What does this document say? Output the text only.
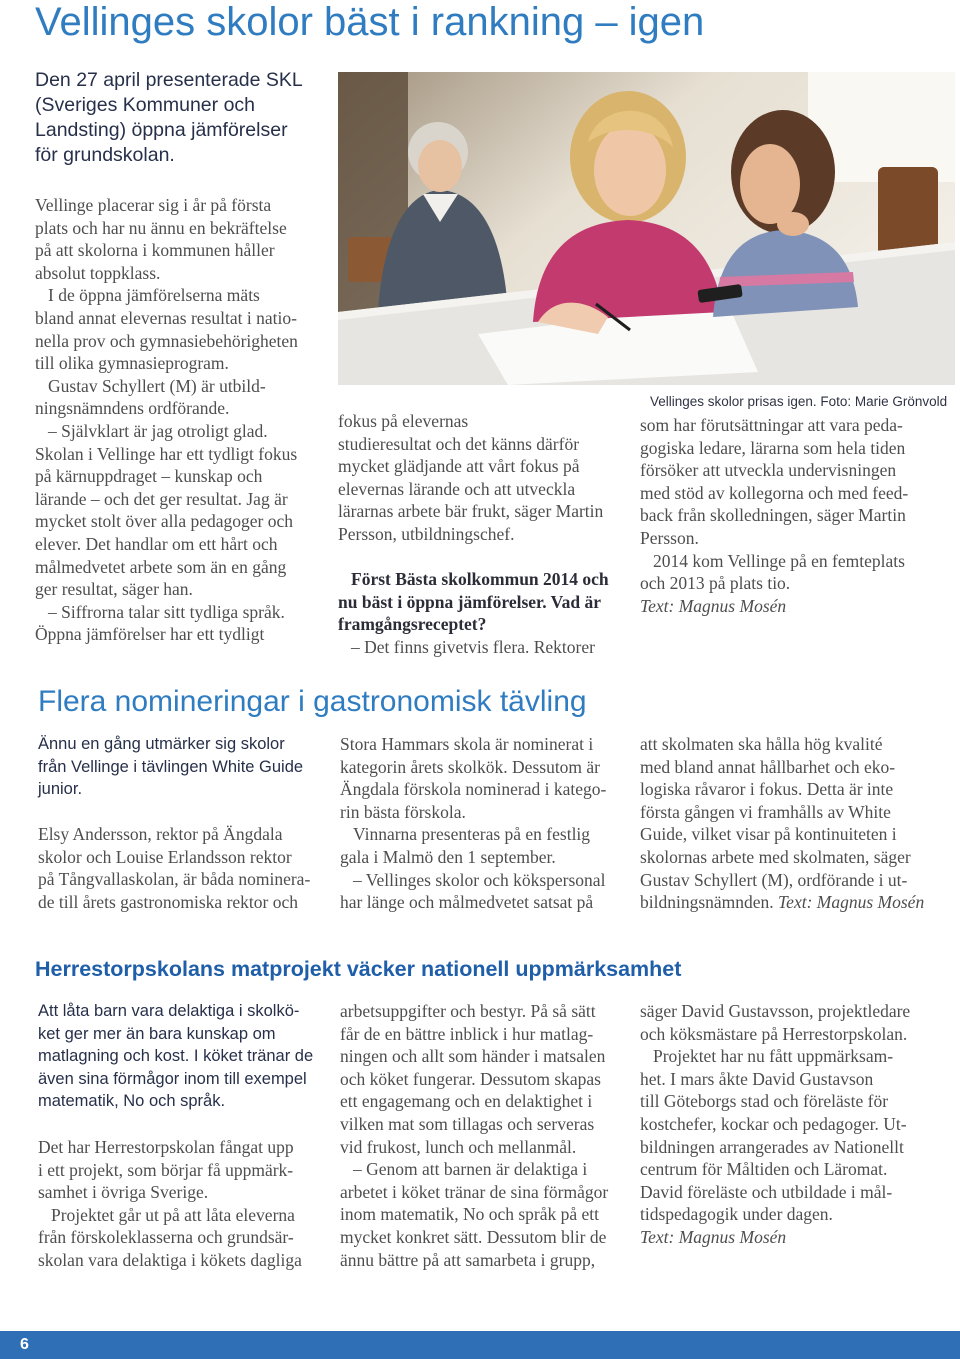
Vellinges skolor bäst i rankning – igen

Den 27 april presenterade SKL
(Sveriges Kommuner och
Landsting) öppna jämförelser
för grundskolan.

Vellinge placerar sig i år på första
plats och har nu ännu en bekräftelse
på att skolorna i kommunen håller
absolut toppklass.

I de öppna jämförelserna mäts
bland annat elevernas resultat i natio-
nella prov och gymnasiebehörigheten
till olika gymnasieprogram.

Gustav Schyllert (M) är utbild-
ningsnämndens ordförande.

– Självklart är jag otroligt glad.
Skolan i Vellinge har ett tydligt fokus
på kärnuppdraget – kunskap och
lärande – och det ger resultat. Jag är
mycket stolt över alla pedagoger och
elever. Det handlar om ett hårt och
målmedvetet arbete som än en gång
ger resultat, säger han.

– Siffrorna talar sitt tydliga språk.
Öppna jämförelser har ett tydligt

Vellinges skolor prisas igen. Foto: Marie Grönvold

fokus på elevernas
studieresultat och det känns därför
mycket glädjande att vårt fokus på
elevernas lärande och att utveckla
lärarnas arbete bär frukt, säger Martin
Persson, utbildningschef.

Först Bästa skolkommun 2014 och
nu bäst i öppna jämförelser. Vad är
framgångsreceptet?

– Det finns givetvis flera. Rektorer

som har förutsättningar att vara peda-
gogiska ledare, lärarna som hela tiden
försöker att utveckla undervisningen
med stöd av kollegorna och med feed-
back från skolledningen, säger Martin
Persson.

2014 kom Vellinge på en femteplats
och 2013 på plats tio.

Text: Magnus Mosén

Flera nomineringar i gastronomisk tävling

Ännu en gång utmärker sig skolor
från Vellinge i tävlingen White Guide
junior.

Elsy Andersson, rektor på Ängdala
skolor och Louise Erlandsson rektor
på Tångvallaskolan, är båda nominera-
de till årets gastronomiska rektor och

Stora Hammars skola är nominerat i
kategorin årets skolkök. Dessutom är
Ängdala förskola nominerad i katego-
rin bästa förskola.

Vinnarna presenteras på en festlig
gala i Malmö den 1 september.

– Vellinges skolor och kökspersonal
har länge och målmedvetet satsat på

att skolmaten ska hålla hög kvalité
med bland annat hållbarhet och eko-
logiska råvaror i fokus. Detta är inte
första gången vi framhålls av White
Guide, vilket visar på kontinuiteten i
skolornas arbete med skolmaten, säger
Gustav Schyllert (M), ordförande i ut-
bildningsnämnden. Text: Magnus Mosén

Herrestorpskolans matprojekt väcker nationell uppmärksamhet

Att låta barn vara delaktiga i skolkö-
ket ger mer än bara kunskap om
matlagning och kost. I köket tränar de
även sina förmågor inom till exempel
matematik, No och språk.

Det har Herrestorpskolan fångat upp
i ett projekt, som börjar få uppmärk-
samhet i övriga Sverige.

Projektet går ut på att låta eleverna
från förskoleklasserna och grundsär-
skolan vara delaktiga i kökets dagliga

arbetsuppgifter och bestyr. På så sätt
får de en bättre inblick i hur matlag-
ningen och allt som händer i matsalen
och köket fungerar. Dessutom skapas
ett engagemang och en delaktighet i
vilken mat som tillagas och serveras
vid frukost, lunch och mellanmål.

– Genom att barnen är delaktiga i
arbetet i köket tränar de sina förmågor
inom matematik, No och språk på ett
mycket konkret sätt. Dessutom blir de
ännu bättre på att samarbeta i grupp,

säger David Gustavsson, projektledare
och köksmästare på Herrestorpskolan.

Projektet har nu fått uppmärksam-
het. I mars åkte David Gustavson
till Göteborgs stad och föreläste för
kostchefer, kockar och pedagoger. Ut-
bildningen arrangerades av Nationellt
centrum för Måltiden och Läromat.
David föreläste och utbildade i mål-
tidspedagogik under dagen.

Text: Magnus Mosén

6
